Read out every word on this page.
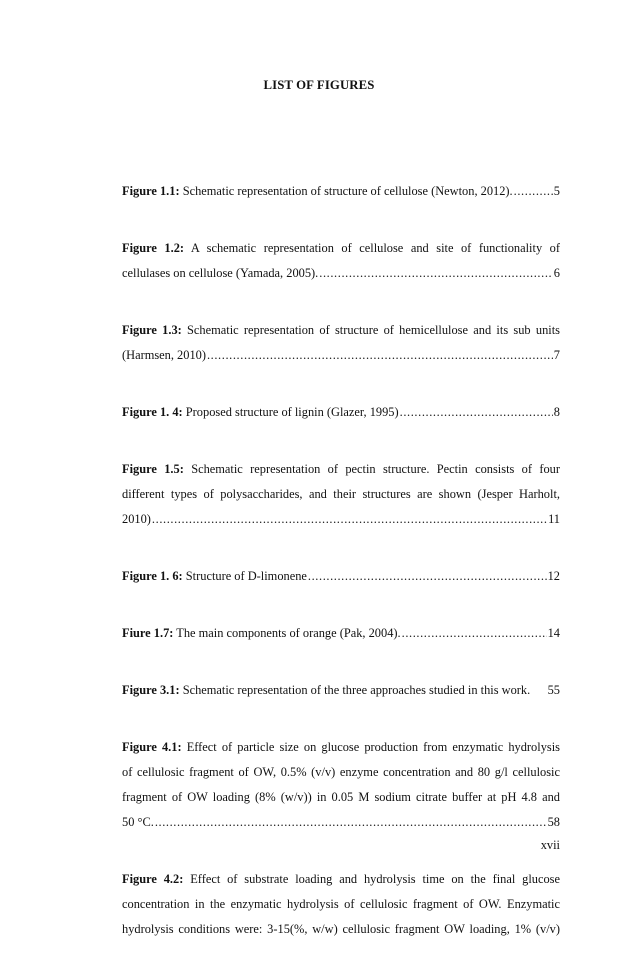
LIST OF FIGURES
Figure 1.1: Schematic representation of structure of cellulose (Newton, 2012). .....	5
Figure 1.2: A schematic representation of cellulose and site of functionality of
cellulases on cellulose (Yamada, 2005). .....	6
Figure 1.3: Schematic representation of structure of hemicellulose and its sub units
(Harmsen, 2010) .....	7
Figure 1. 4: Proposed structure of lignin (Glazer, 1995) .....	8
Figure 1.5: Schematic representation of pectin structure. Pectin consists of four
different types of polysaccharides, and their structures are shown (Jesper Harholt,
2010) .....	11
Figure 1. 6: Structure of D-limonene .....	12
Fiure 1.7: The main components of orange (Pak, 2004). .....	14
Figure 3.1: Schematic representation of the three approaches studied in this work. 55
Figure 4.1: Effect of particle size on glucose production from enzymatic hydrolysis
of cellulosic fragment of OW, 0.5% (v/v) enzyme concentration and 80 g/l cellulosic
fragment of OW loading (8% (w/v)) in 0.05 M sodium citrate buffer at pH 4.8 and
50 °C. .....	58
Figure 4.2: Effect of substrate loading and hydrolysis time on the final glucose
concentration in the enzymatic hydrolysis of cellulosic fragment of OW. Enzymatic
hydrolysis conditions were: 3-15(%, w/w) cellulosic fragment OW loading, 1% (v/v)
xvii
